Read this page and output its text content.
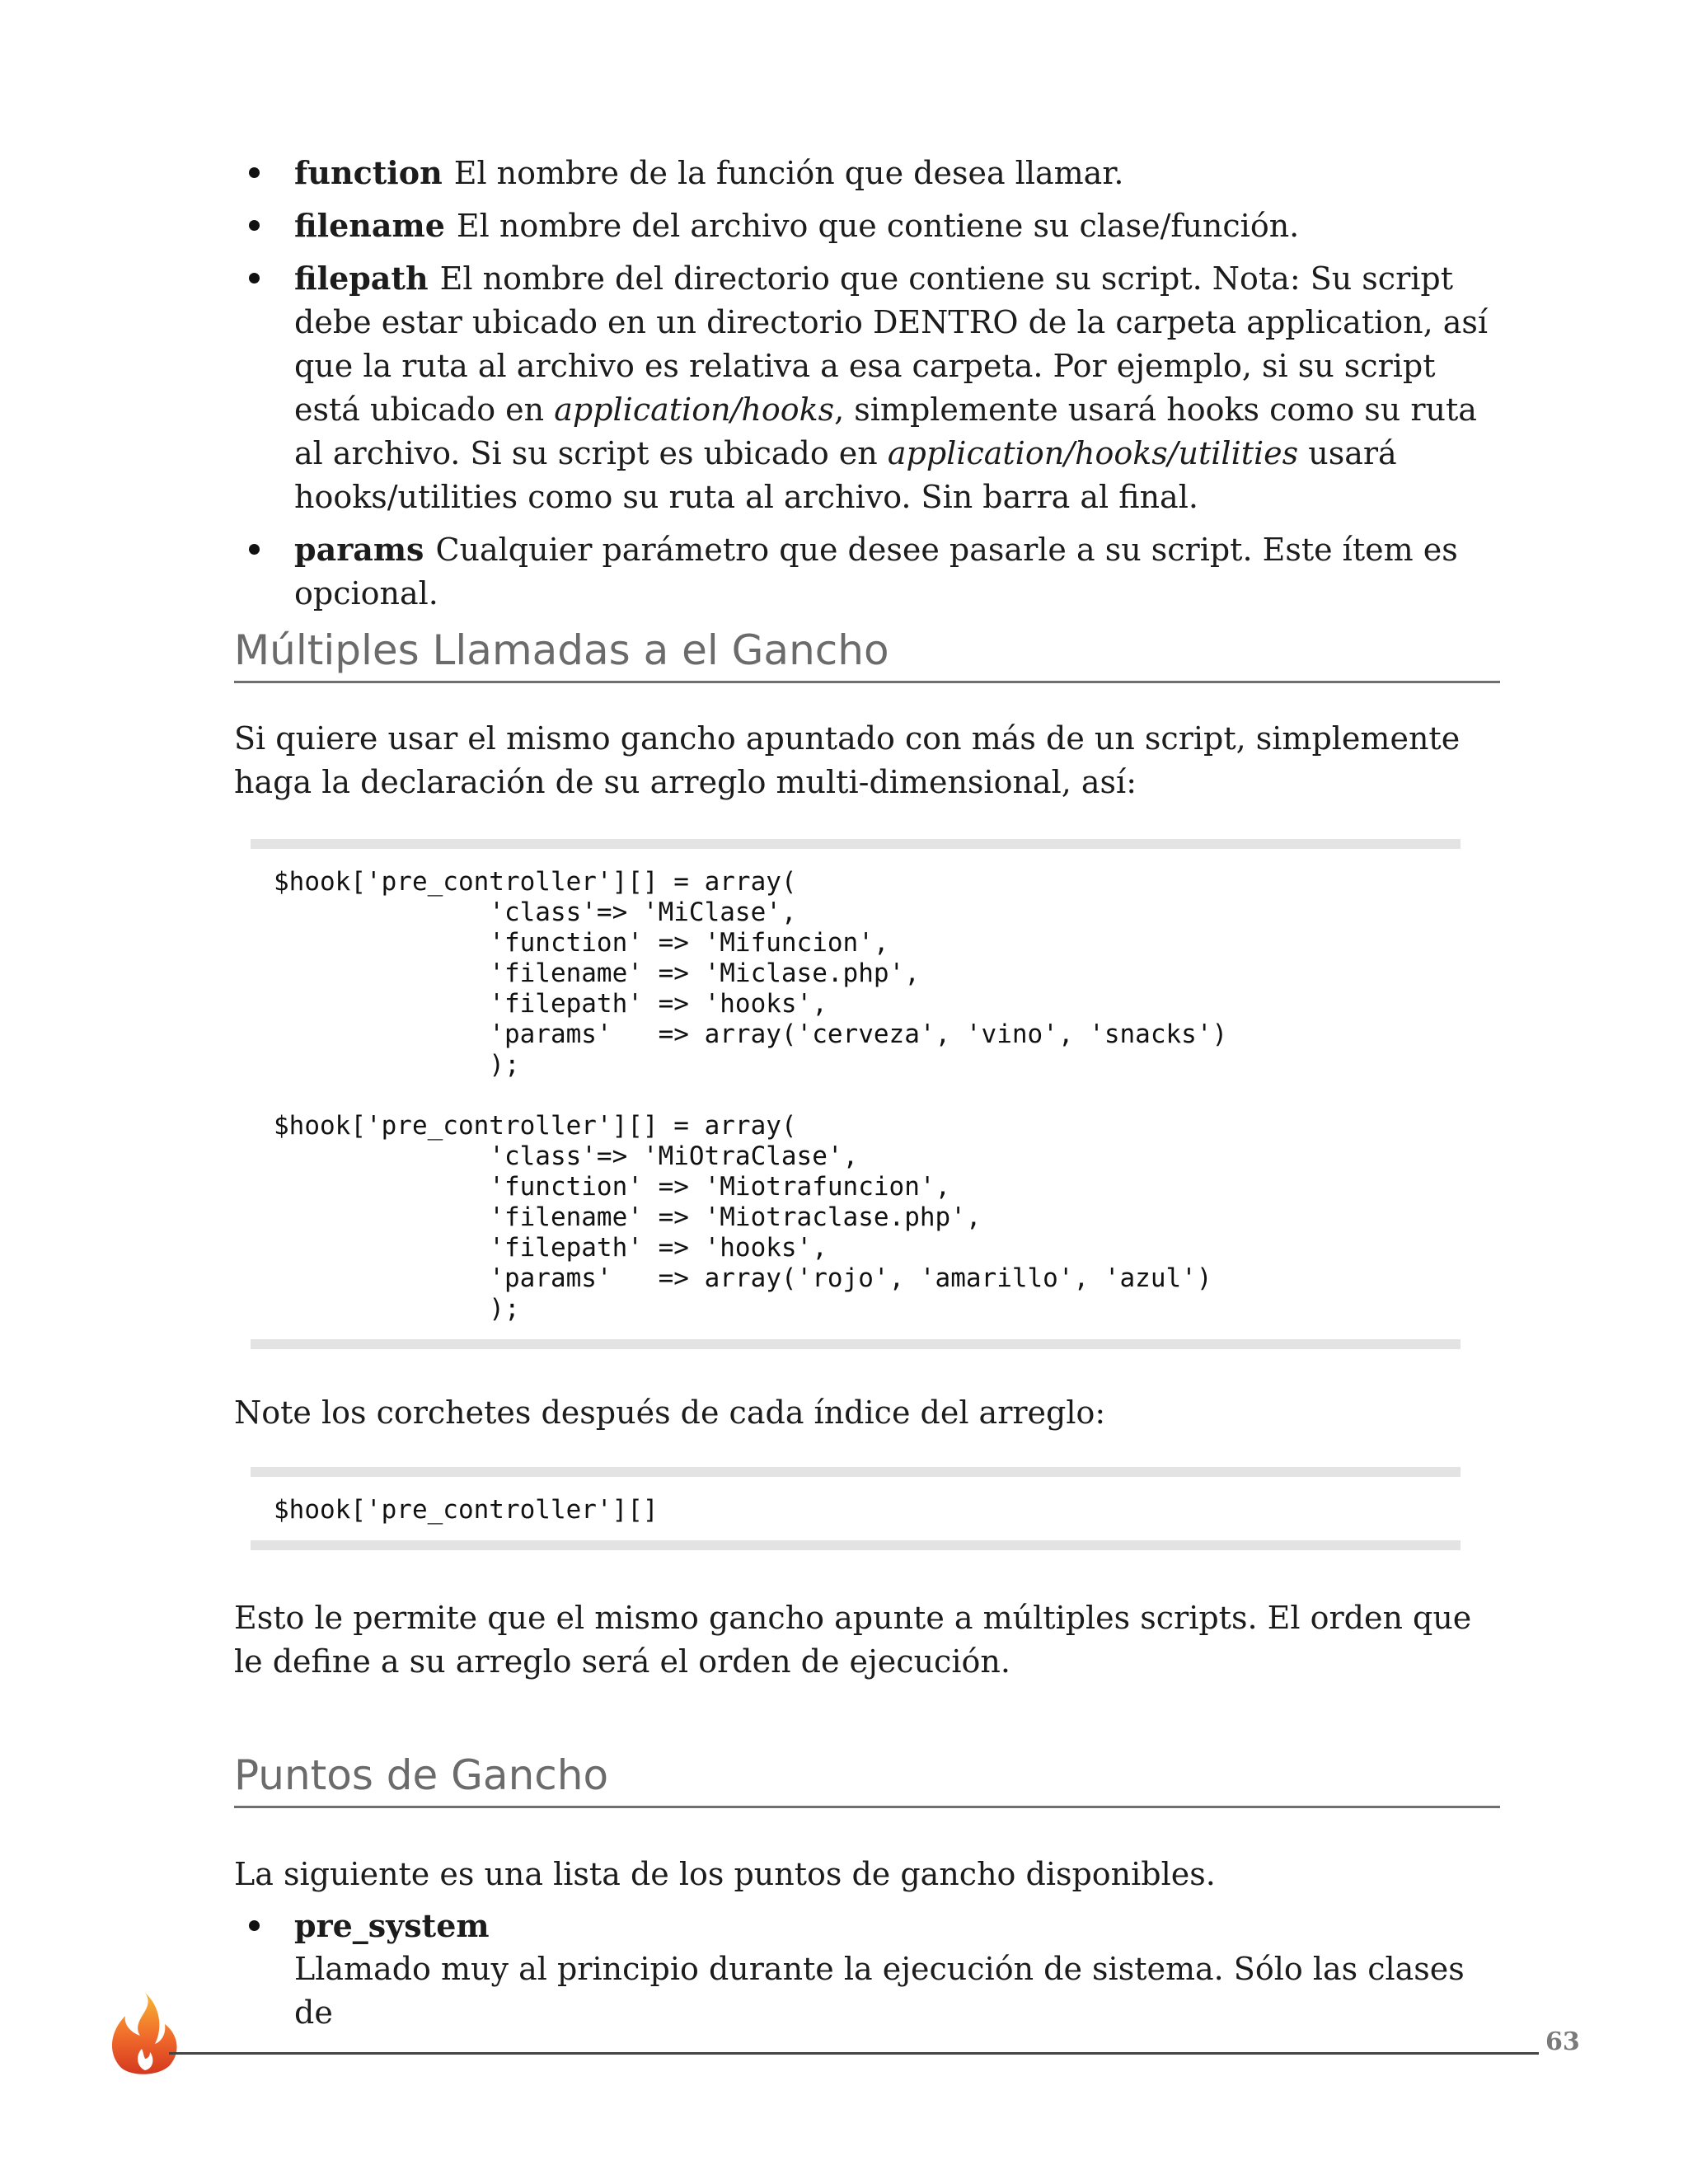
function El nombre de la función que desea llamar.
filename El nombre del archivo que contiene su clase/función.
filepath El nombre del directorio que contiene su script. Nota: Su script debe estar ubicado en un directorio DENTRO de la carpeta application, así que la ruta al archivo es relativa a esa carpeta. Por ejemplo, si su script está ubicado en application/hooks, simplemente usará hooks como su ruta al archivo. Si su script es ubicado en application/hooks/utilities usará hooks/utilities como su ruta al archivo. Sin barra al final.
params Cualquier parámetro que desee pasarle a su script. Este ítem es opcional.
Múltiples Llamadas a el Gancho

Si quiere usar el mismo gancho apuntado con más de un script, simplemente haga la declaración de su arreglo multi-dimensional, así:

$hook['pre_controller'][] = array(
'class'=> 'MiClase',
'function' => 'Mifuncion',
'filename' => 'Miclase.php',
'filepath' => 'hooks',
'params'   => array('cerveza', 'vino', 'snacks')
);

$hook['pre_controller'][] = array(
'class'=> 'MiOtraClase',
'function' => 'Miotrafuncion',
'filename' => 'Miotraclase.php',
'filepath' => 'hooks',
'params'   => array('rojo', 'amarillo', 'azul')
);

Note los corchetes después de cada índice del arreglo:

$hook['pre_controller'][]

Esto le permite que el mismo gancho apunte a múltiples scripts. El orden que le define a su arreglo será el orden de ejecución.

Puntos de Gancho

La siguiente es una lista de los puntos de gancho disponibles.

pre_system
Llamado muy al principio durante la ejecución de sistema. Sólo las clases de
63
